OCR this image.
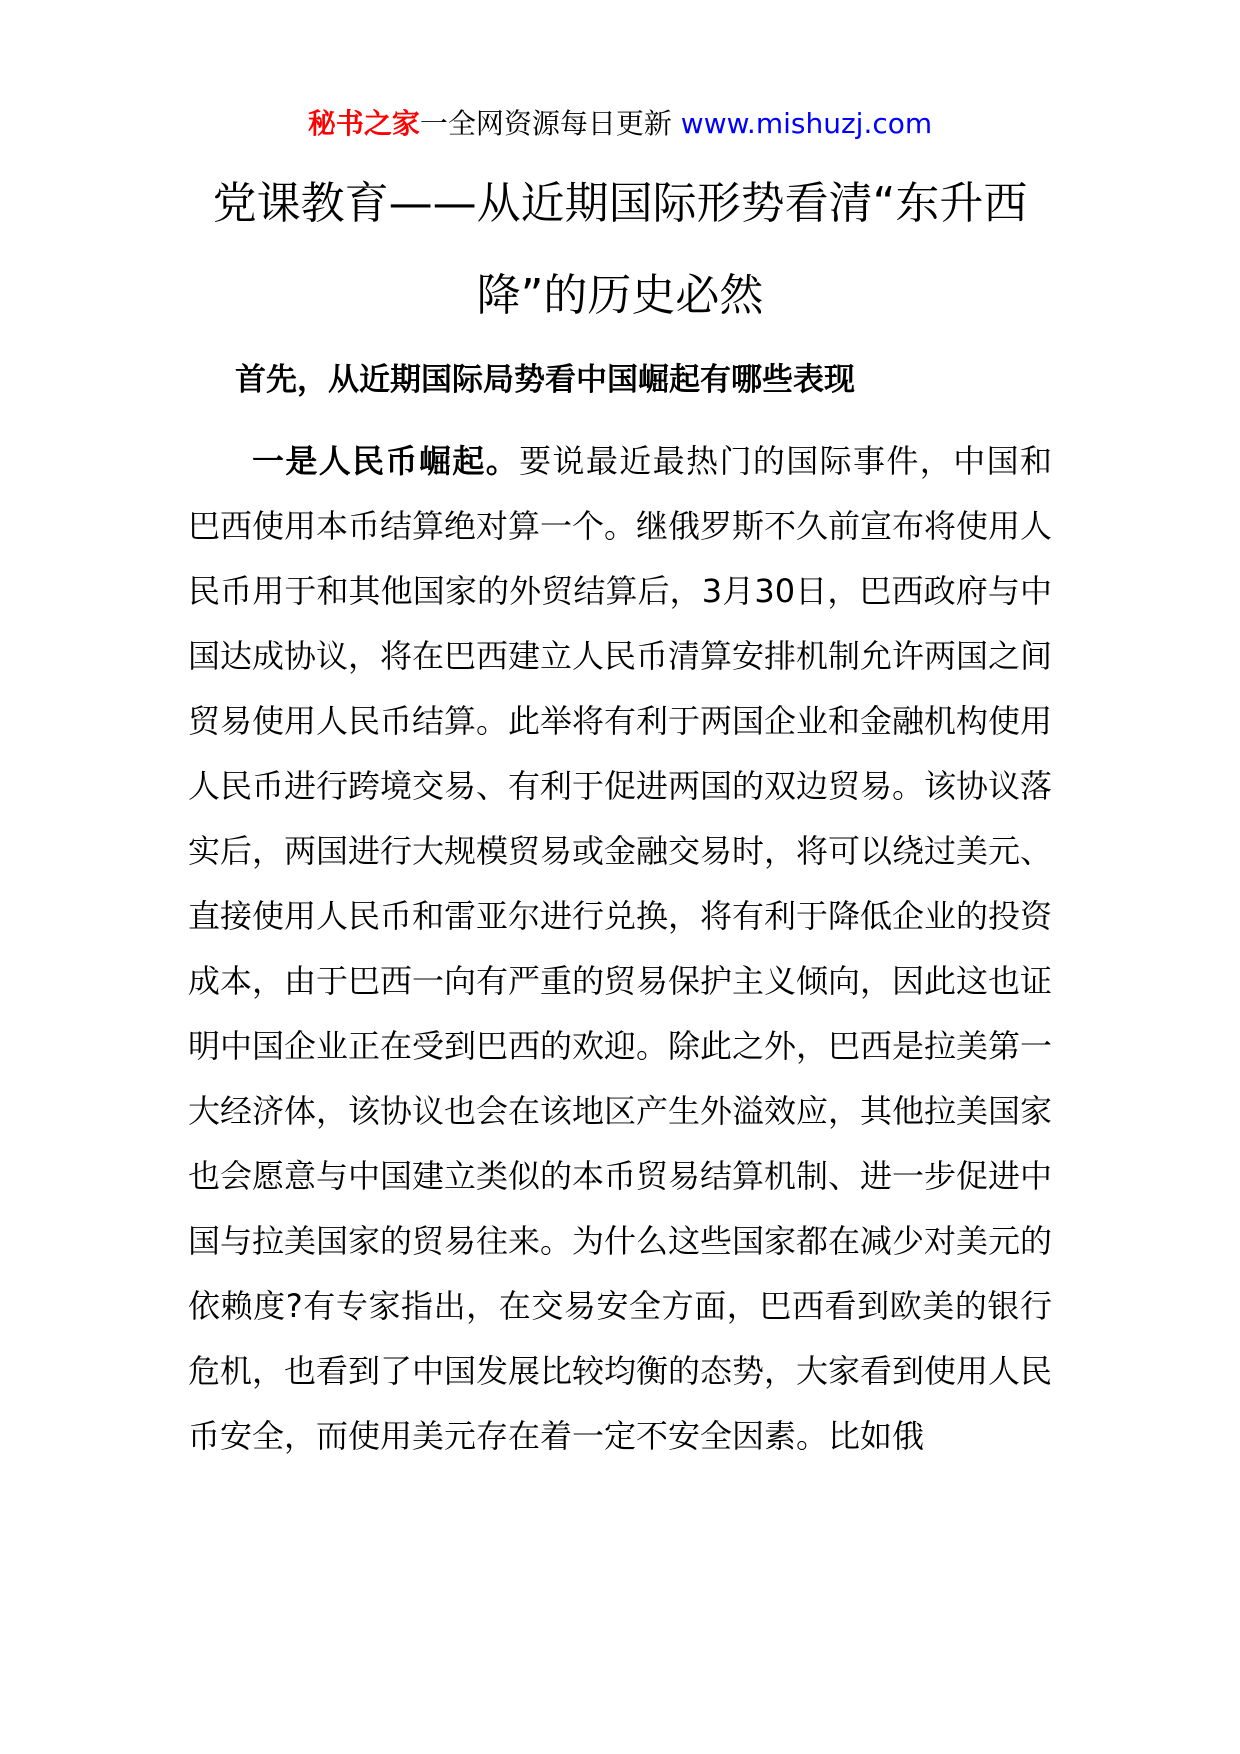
秘书之家一全网资源每日更新 www.mishuzj.com
党课教育——从近期国际形势看清“东升西降”的历史必然
首先，从近期国际局势看中国崛起有哪些表现

一是人民币崛起。要说最近最热门的国际事件，中国和巴西使用本币结算绝对算一个。继俄罗斯不久前宣布将使用人民币用于和其他国家的外贸结算后，3月30日，巴西政府与中国达成协议，将在巴西建立人民币清算安排机制允许两国之间贸易使用人民币结算。此举将有利于两国企业和金融机构使用人民币进行跨境交易、有利于促进两国的双边贸易。该协议落实后，两国进行大规模贸易或金融交易时，将可以绕过美元、直接使用人民币和雷亚尔进行兑换，将有利于降低企业的投资成本，由于巴西一向有严重的贸易保护主义倾向，因此这也证明中国企业正在受到巴西的欢迎。除此之外，巴西是拉美第一大经济体，该协议也会在该地区产生外溢效应，其他拉美国家也会愿意与中国建立类似的本币贸易结算机制、进一步促进中国与拉美国家的贸易往来。为什么这些国家都在减少对美元的依赖度?有专家指出，在交易安全方面，巴西看到欧美的银行危机，也看到了中国发展比较均衡的态势，大家看到使用人民币安全，而使用美元存在着一定不安全因素。比如俄
